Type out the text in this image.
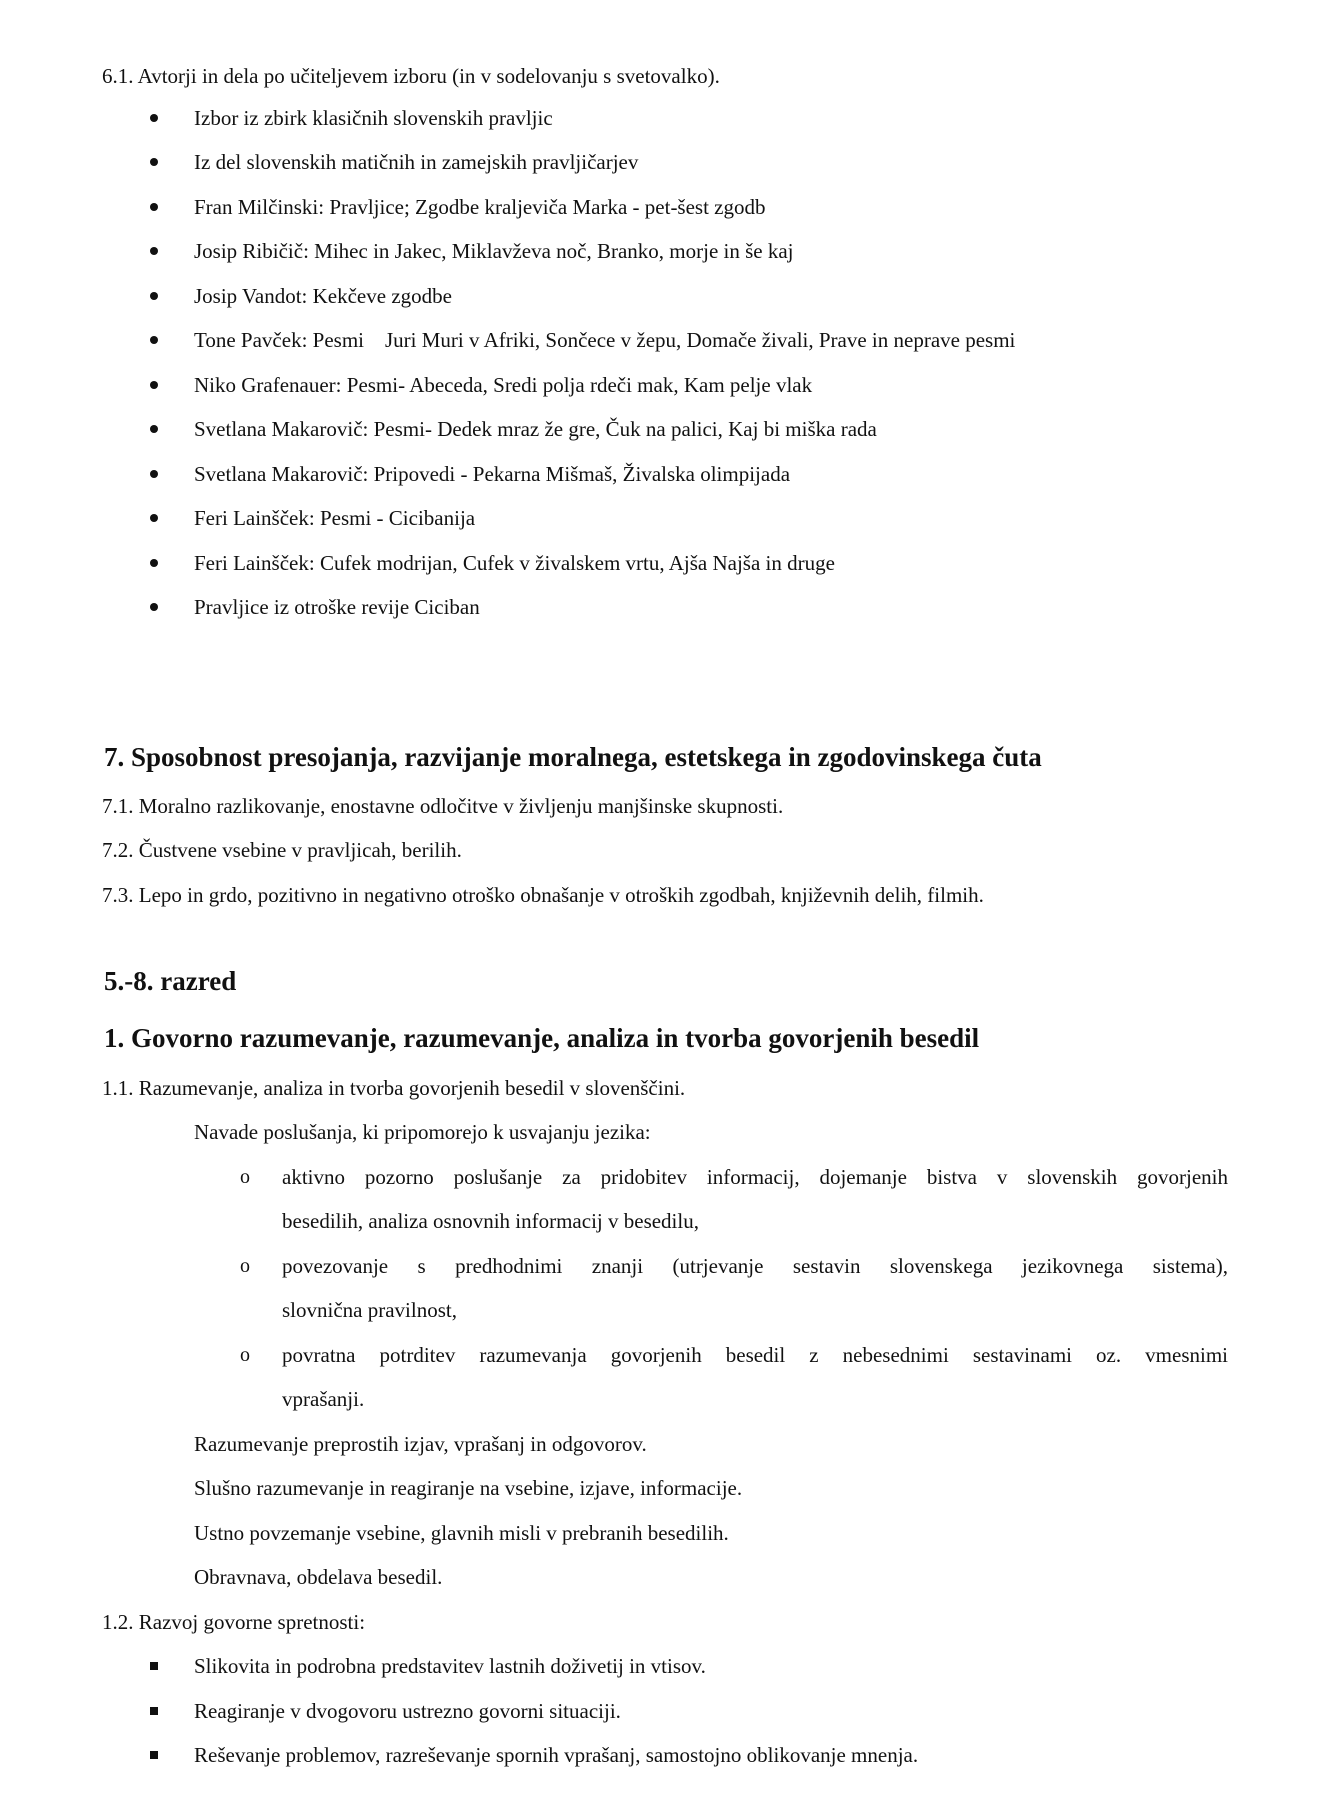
6.1. Avtorji in dela po učiteljevem izboru (in v sodelovanju s svetovalko).
Izbor iz zbirk klasičnih slovenskih pravljic
Iz del slovenskih matičnih in zamejskih pravljičarjev
Fran Milčinski: Pravljice; Zgodbe kraljeviča Marka - pet-šest zgodb
Josip Ribičič: Mihec in Jakec, Miklavževa noč, Branko, morje in še kaj
Josip Vandot: Kekčeve zgodbe
Tone Pavček: Pesmi    Juri Muri v Afriki, Sončece v žepu, Domače živali, Prave in neprave pesmi
Niko Grafenauer: Pesmi- Abeceda, Sredi polja rdeči mak, Kam pelje vlak
Svetlana Makarovič: Pesmi- Dedek mraz že gre, Čuk na palici, Kaj bi miška rada
Svetlana Makarovič: Pripovedi - Pekarna Mišmaš, Živalska olimpijada
Feri Lainšček: Pesmi - Cicibanija
Feri Lainšček: Cufek modrijan, Cufek v živalskem vrtu, Ajša Najša in druge
Pravljice iz otroške revije Ciciban
7. Sposobnost presojanja, razvijanje moralnega, estetskega in zgodovinskega čuta
7.1. Moralno razlikovanje, enostavne odločitve v življenju manjšinske skupnosti.
7.2. Čustvene vsebine v pravljicah, berilih.
7.3. Lepo in grdo, pozitivno in negativno otroško obnašanje v otroških zgodbah, književnih delih, filmih.
5.-8. razred
1. Govorno razumevanje, razumevanje, analiza in tvorba govorjenih besedil
1.1. Razumevanje, analiza in tvorba govorjenih besedil v slovenščini.
Navade poslušanja, ki pripomorejo k usvajanju jezika:
o aktivno pozorno poslušanje za pridobitev informacij, dojemanje bistva v slovenskih govorjenih
besedilih, analiza osnovnih informacij v besedilu,
o povezovanje s predhodnimi znanji (utrjevanje sestavin slovenskega jezikovnega sistema),
slovnična pravilnost,
o povratna potrditev razumevanja govorjenih besedil z nebesednimi sestavinami oz. vmesnimi
vprašanji.
Razumevanje preprostih izjav, vprašanj in odgovorov.
Slušno razumevanje in reagiranje na vsebine, izjave, informacije.
Ustno povzemanje vsebine, glavnih misli v prebranih besedilih.
Obravnava, obdelava besedil.
1.2. Razvoj govorne spretnosti:
Slikovita in podrobna predstavitev lastnih doživetij in vtisov.
Reagiranje v dvogovoru ustrezno govorni situaciji.
Reševanje problemov, razreševanje spornih vprašanj, samostojno oblikovanje mnenja.
